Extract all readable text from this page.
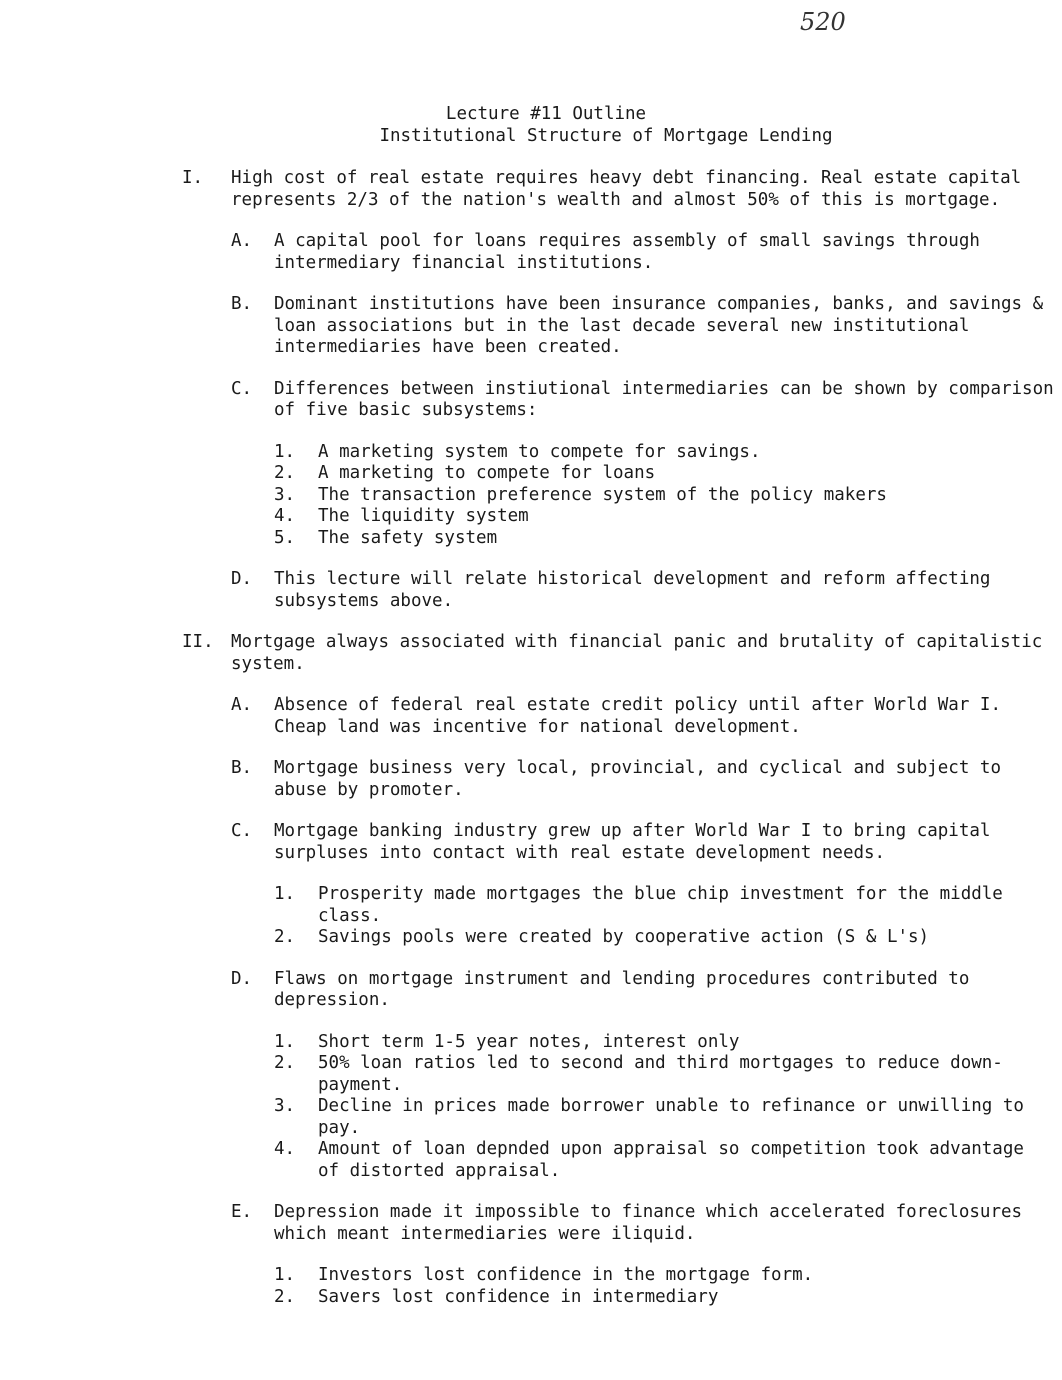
520
Lecture #11 Outline
Institutional Structure of Mortgage Lending
I. High cost of real estate requires heavy debt financing. Real estate capital represents 2/3 of the nation's wealth and almost 50% of this is mortgage.
A. A capital pool for loans requires assembly of small savings through intermediary financial institutions.
B. Dominant institutions have been insurance companies, banks, and savings & loan associations but in the last decade several new institutional intermediaries have been created.
C. Differences between instiutional intermediaries can be shown by comparison of five basic subsystems:
1. A marketing system to compete for savings.
2. A marketing to compete for loans
3. The transaction preference system of the policy makers
4. The liquidity system
5. The safety system
D. This lecture will relate historical development and reform affecting subsystems above.
II. Mortgage always associated with financial panic and brutality of capitalistic system.
A. Absence of federal real estate credit policy until after World War I. Cheap land was incentive for national development.
B. Mortgage business very local, provincial, and cyclical and subject to abuse by promoter.
C. Mortgage banking industry grew up after World War I to bring capital surpluses into contact with real estate development needs.
1. Prosperity made mortgages the blue chip investment for the middle class.
2. Savings pools were created by cooperative action (S & L's)
D. Flaws on mortgage instrument and lending procedures contributed to depression.
1. Short term 1-5 year notes, interest only
2. 50% loan ratios led to second and third mortgages to reduce down-payment.
3. Decline in prices made borrower unable to refinance or unwilling to pay.
4. Amount of loan depnded upon appraisal so competition took advantage of distorted appraisal.
E. Depression made it impossible to finance which accelerated foreclosures which meant intermediaries were iliquid.
1. Investors lost confidence in the mortgage form.
2. Savers lost confidence in intermediary
